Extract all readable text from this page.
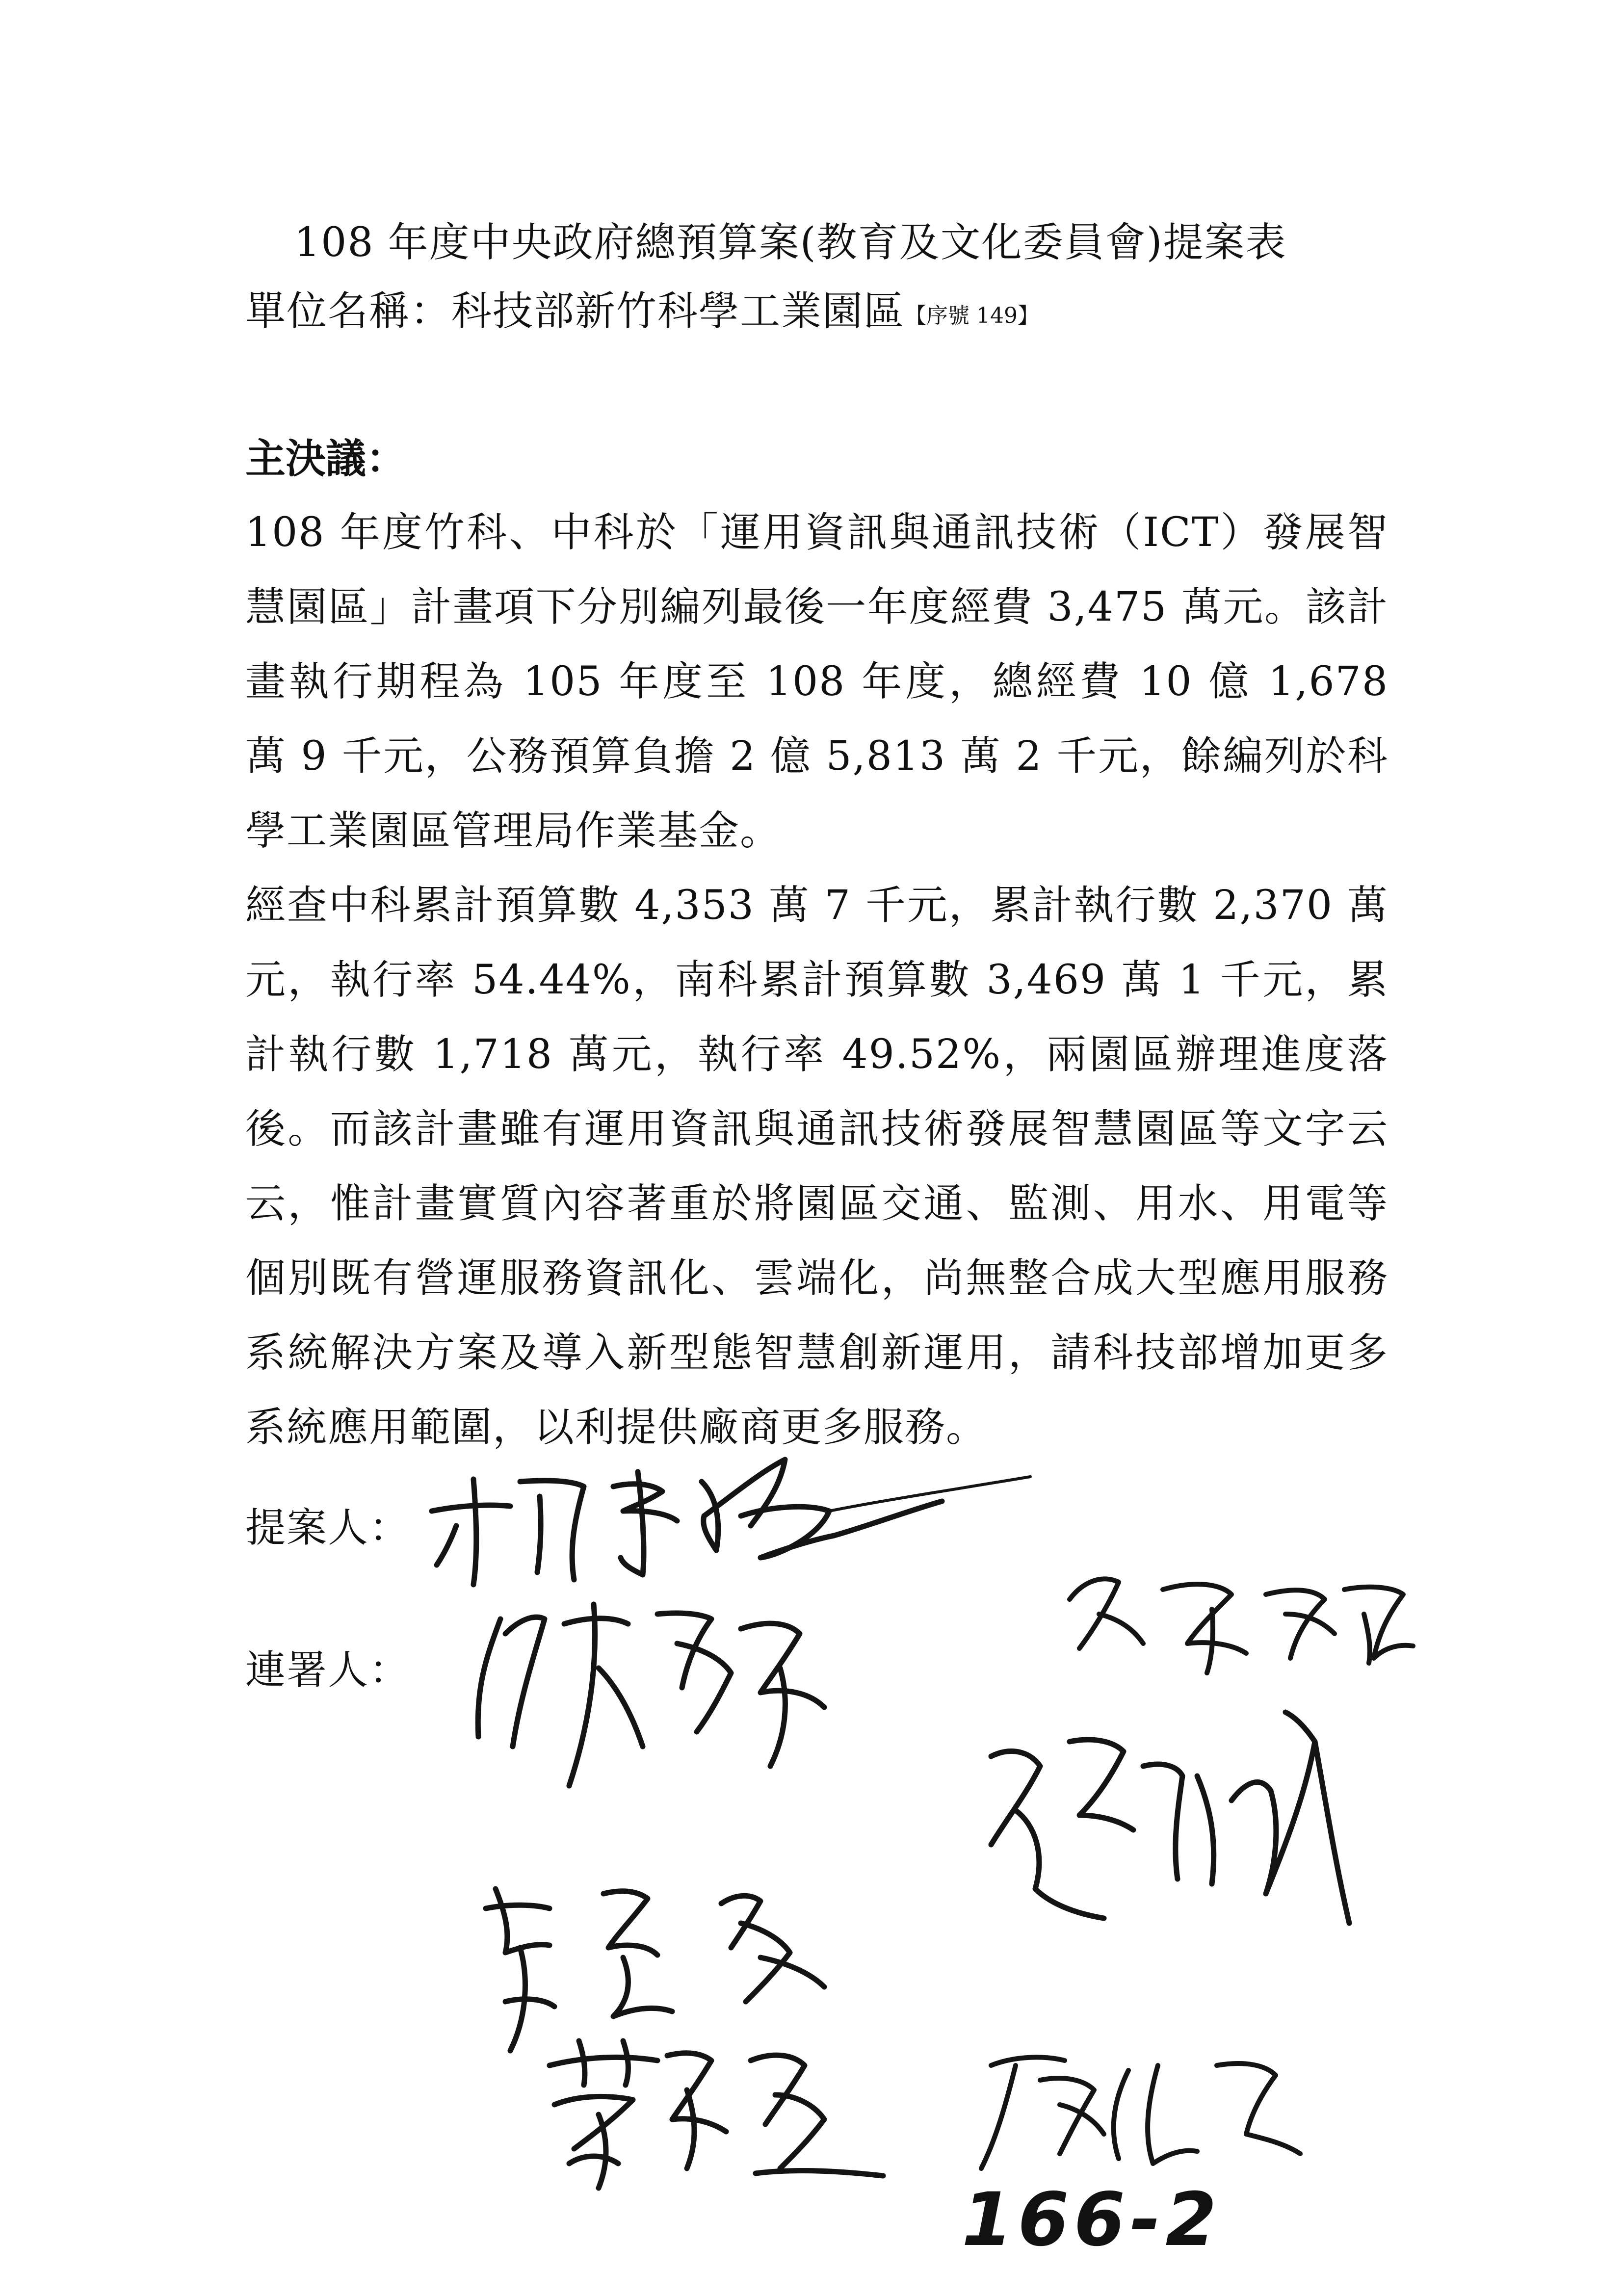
108 年度中央政府總預算案(教育及文化委員會)提案表
單位名稱：科技部新竹科學工業園區【序號 149】
主決議：

108 年度竹科、中科於「運用資訊與通訊技術（ICT）發展智慧園區」計畫項下分別編列最後一年度經費 3,475 萬元。該計畫執行期程為 105 年度至 108 年度，總經費 10 億 1,678 萬 9 千元，公務預算負擔 2 億 5,813 萬 2 千元，餘編列於科學工業園區管理局作業基金。

經查中科累計預算數 4,353 萬 7 千元，累計執行數 2,370 萬元，執行率 54.44%，南科累計預算數 3,469 萬 1 千元，累計執行數 1,718 萬元，執行率 49.52%，兩園區辦理進度落後。而該計畫雖有運用資訊與通訊技術發展智慧園區等文字云云，惟計畫實質內容著重於將園區交通、監測、用水、用電等個別既有營運服務資訊化、雲端化，尚無整合成大型應用服務系統解決方案及導入新型態智慧創新運用，請科技部增加更多系統應用範圍，以利提供廠商更多服務。

提案人：
連署人：
166-2
